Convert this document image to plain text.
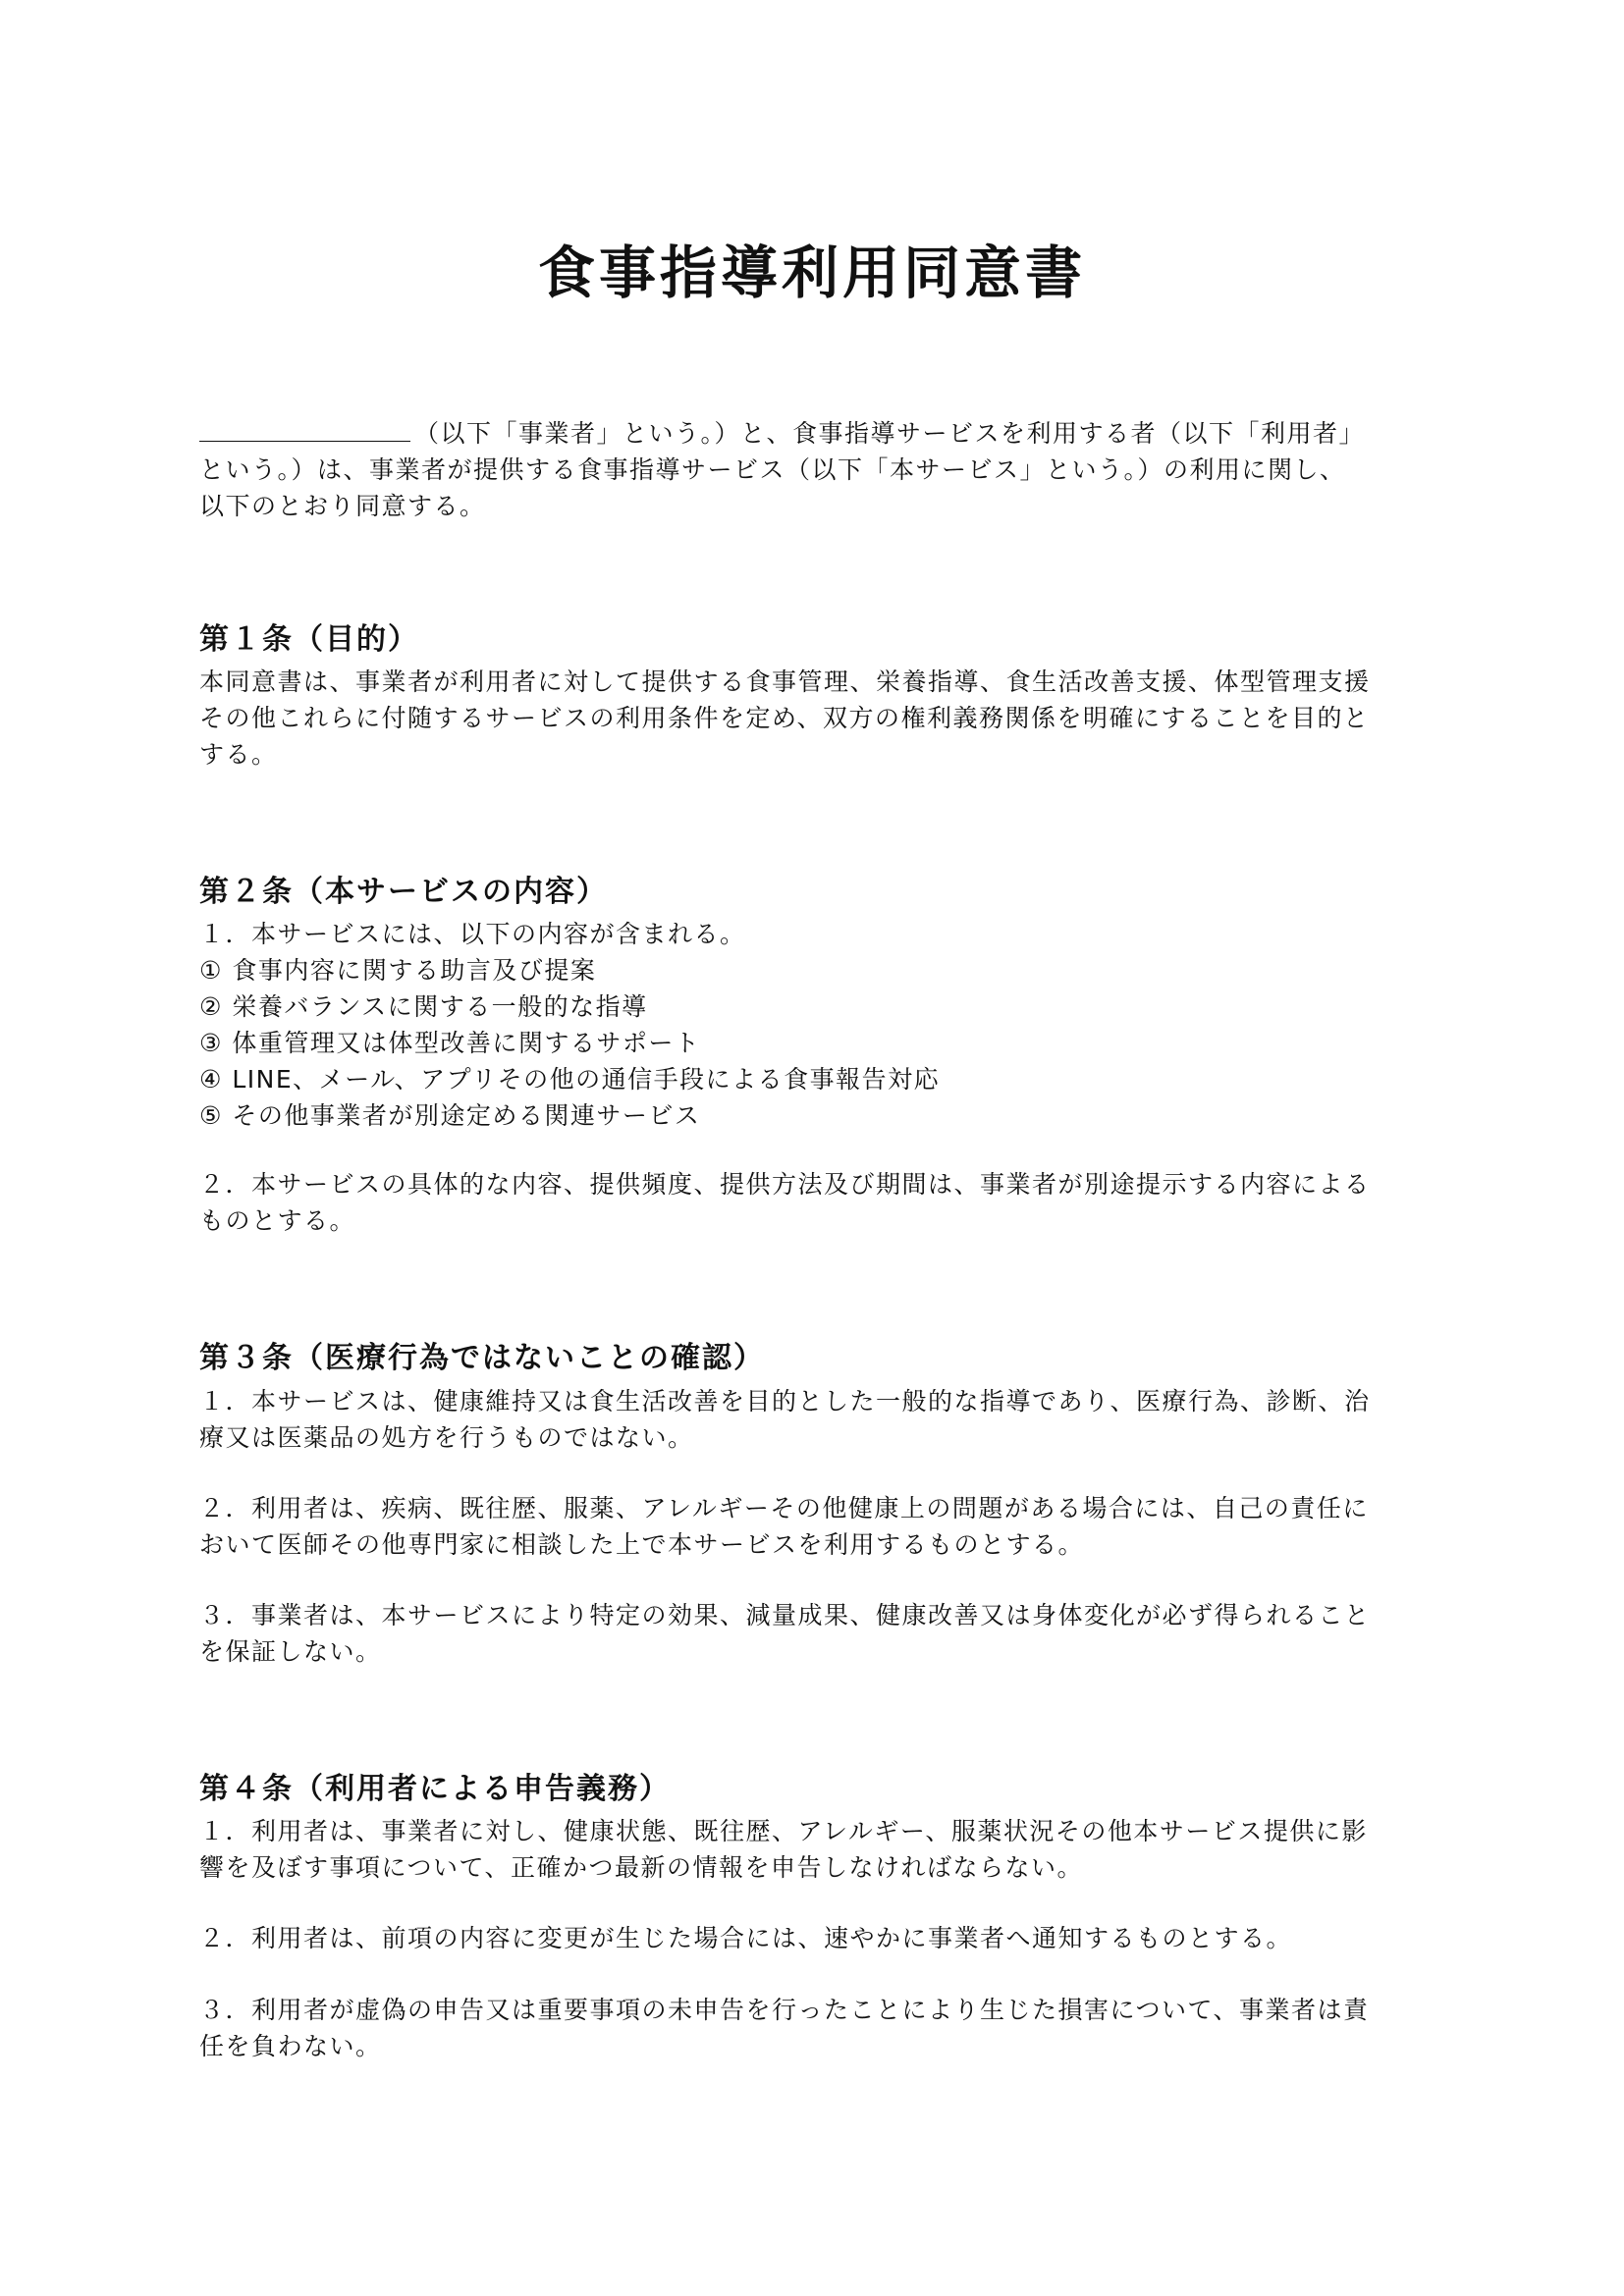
食事指導利用同意書

（以下「事業者」という。）と、食事指導サービスを利用する者（以下「利用者」
という。）は、事業者が提供する食事指導サービス（以下「本サービス」という。）の利用に関し、
以下のとおり同意する。

第１条（目的）

本同意書は、事業者が利用者に対して提供する食事管理、栄養指導、食生活改善支援、体型管理支援
その他これらに付随するサービスの利用条件を定め、双方の権利義務関係を明確にすることを目的と
する。

第２条（本サービスの内容）

１．本サービスには、以下の内容が含まれる。

① 食事内容に関する助言及び提案

② 栄養バランスに関する一般的な指導

③ 体重管理又は体型改善に関するサポート

④ LINE、メール、アプリその他の通信手段による食事報告対応

⑤ その他事業者が別途定める関連サービス

２．本サービスの具体的な内容、提供頻度、提供方法及び期間は、事業者が別途提示する内容による
ものとする。

第３条（医療行為ではないことの確認）

１．本サービスは、健康維持又は食生活改善を目的とした一般的な指導であり、医療行為、診断、治
療又は医薬品の処方を行うものではない。

２．利用者は、疾病、既往歴、服薬、アレルギーその他健康上の問題がある場合には、自己の責任に
おいて医師その他専門家に相談した上で本サービスを利用するものとする。

３．事業者は、本サービスにより特定の効果、減量成果、健康改善又は身体変化が必ず得られること
を保証しない。

第４条（利用者による申告義務）

１．利用者は、事業者に対し、健康状態、既往歴、アレルギー、服薬状況その他本サービス提供に影
響を及ぼす事項について、正確かつ最新の情報を申告しなければならない。

２．利用者は、前項の内容に変更が生じた場合には、速やかに事業者へ通知するものとする。

３．利用者が虚偽の申告又は重要事項の未申告を行ったことにより生じた損害について、事業者は責
任を負わない。
